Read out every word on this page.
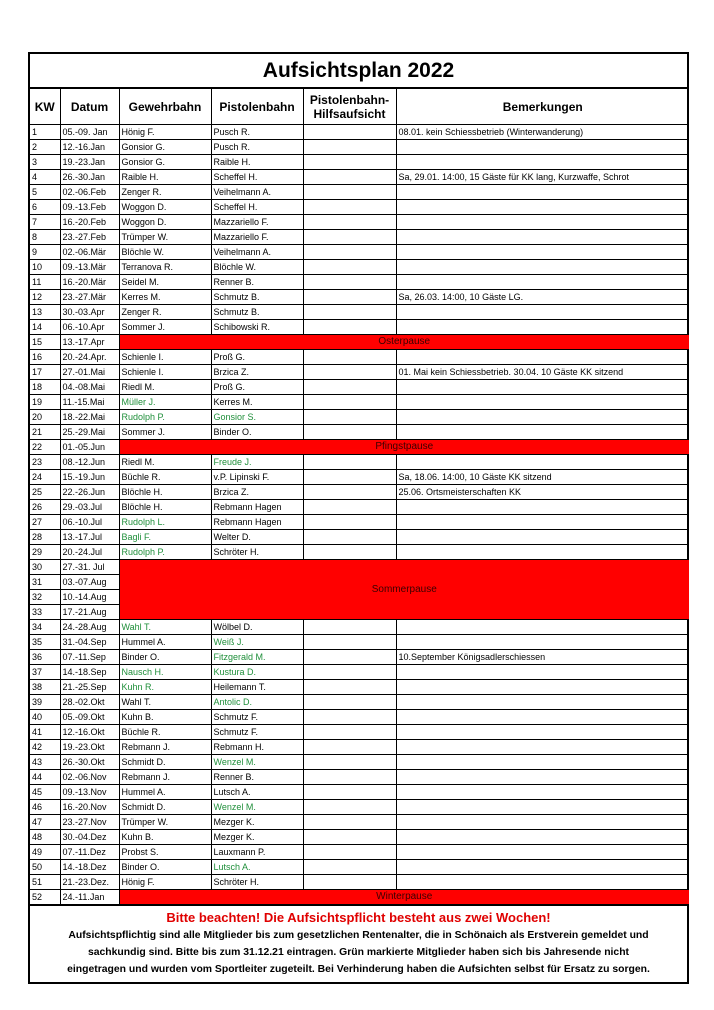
Aufsichtsplan 2022
KW	Datum	Gewehrbahn	Pistolenbahn	Pistolenbahn-
Hilfsaufsicht	Bemerkungen
1	05.-09. Jan	Hönig F.	Pusch R.		08.01. kein Schiessbetrieb (Winterwanderung)
2	12.-16.Jan	Gonsior G.	Pusch R.		
3	19.-23.Jan	Gonsior G.	Raible H.		
4	26.-30.Jan	Raible H.	Scheffel H.		Sa, 29.01. 14:00, 15 Gäste für KK lang, Kurzwaffe, Schrot
5	02.-06.Feb	Zenger R.	Veihelmann A.		
6	09.-13.Feb	Woggon D.	Scheffel H.		
7	16.-20.Feb	Woggon D.	Mazzariello F.		
8	23.-27.Feb	Trümper W.	Mazzariello F.		
9	02.-06.Mär	Blöchle W.	Veihelmann A.		
10	09.-13.Mär	Terranova R.	Blöchle W.		
11	16.-20.Mär	Seidel M.	Renner B.		
12	23.-27.Mär	Kerres M.	Schmutz B.		Sa, 26.03. 14:00, 10 Gäste LG.
13	30.-03.Apr	Zenger R.	Schmutz B.		
14	06.-10.Apr	Sommer J.	Schibowski R.		
15	13.-17.Apr	Osterpause			
16	20.-24.Apr.	Schienle I.	Proß G.		
17	27.-01.Mai	Schienle I.	Brzica Z.		01. Mai kein Schiessbetrieb. 30.04. 10 Gäste KK sitzend
18	04.-08.Mai	Riedl M.	Proß G.		
19	11.-15.Mai	Müller J.	Kerres M.		
20	18.-22.Mai	Rudolph P.	Gonsior S.		
21	25.-29.Mai	Sommer J.	Binder O.		
22	01.-05.Jun	Pfingstpause			
23	08.-12.Jun	Riedl M.	Freude J.		
24	15.-19.Jun	Büchle R.	v.P. Lipinski F.		Sa, 18.06. 14:00, 10 Gäste KK sitzend
25	22.-26.Jun	Blöchle H.	Brzica Z.		25.06. Ortsmeisterschaften KK
26	29.-03.Jul	Blöchle H.	Rebmann Hagen		
27	06.-10.Jul	Rudolph L.	Rebmann Hagen		
28	13.-17.Jul	Bagli F.	Welter D.		
29	20.-24.Jul	Rudolph P.	Schröter H.		
30	27.-31. Jul	Sommerpause			
31	03.-07.Aug				
32	10.-14.Aug				
33	17.-21.Aug				
34	24.-28.Aug	Wahl T.	Wölbel D.		
35	31.-04.Sep	Hummel A.	Weiß J.		
36	07.-11.Sep	Binder O.	Fitzgerald M.		10.September Königsadlerschiessen
37	14.-18.Sep	Nausch H.	Kustura D.		
38	21.-25.Sep	Kuhn R.	Heilemann T.		
39	28.-02.Okt	Wahl T.	Antolic D.		
40	05.-09.Okt	Kuhn B.	Schmutz F.		
41	12.-16.Okt	Büchle R.	Schmutz F.		
42	19.-23.Okt	Rebmann J.	Rebmann H.		
43	26.-30.Okt	Schmidt D.	Wenzel M.		
44	02.-06.Nov	Rebmann J.	Renner B.		
45	09.-13.Nov	Hummel A.	Lutsch A.		
46	16.-20.Nov	Schmidt D.	Wenzel M.		
47	23.-27.Nov	Trümper W.	Mezger K.		
48	30.-04.Dez	Kuhn B.	Mezger K.		
49	07.-11.Dez	Probst S.	Lauxmann P.		
50	14.-18.Dez	Binder O.	Lutsch A.		
51	21.-23.Dez.	Hönig F.	Schröter H.		
52	24.-11.Jan	Winterpause			
Bitte beachten! Die Aufsichtspflicht besteht aus zwei Wochen!
Aufsichtspflichtig sind alle Mitglieder bis zum gesetzlichen Rentenalter, die in Schönaich als Erstverein gemeldet und
sachkundig sind. Bitte bis zum 31.12.21 eintragen. Grün markierte Mitglieder haben sich bis Jahresende nicht
eingetragen und wurden vom Sportleiter zugeteilt. Bei Verhinderung haben die Aufsichten selbst für Ersatz zu sorgen.
